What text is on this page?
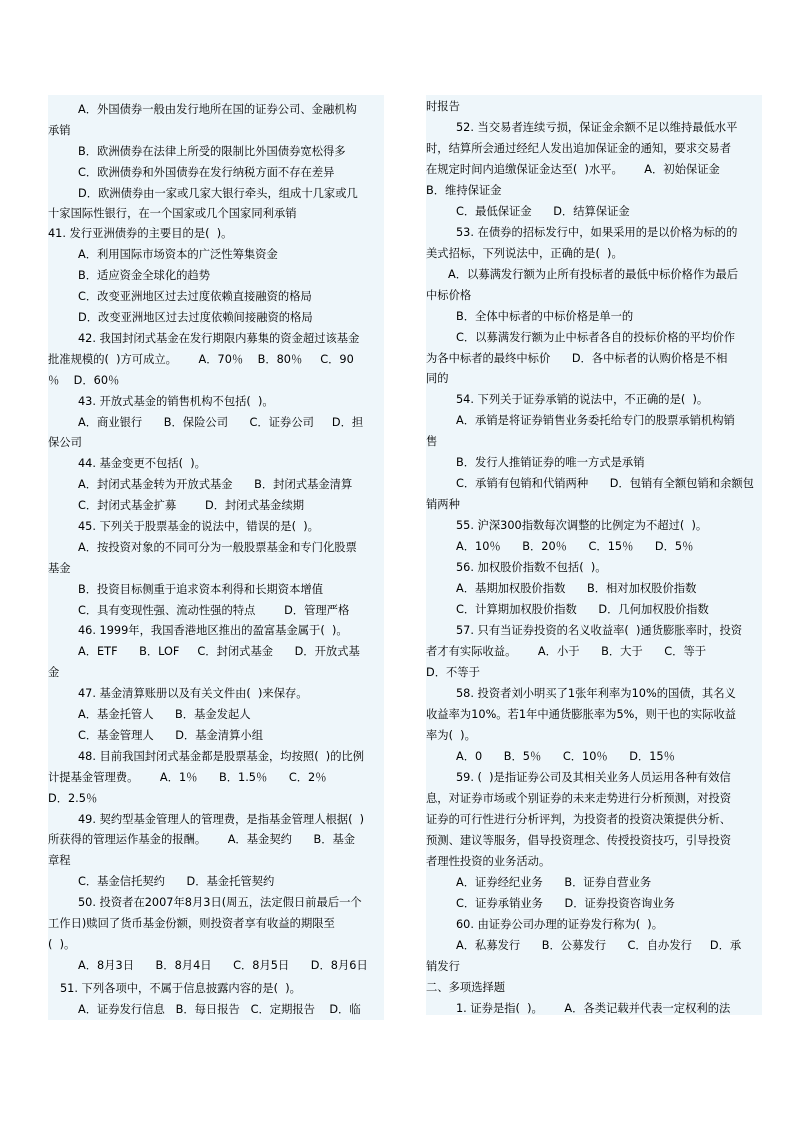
A．外国债券一般由发行地所在国的证券公司、金融机构
承销
B．欧洲债券在法律上所受的限制比外国债券宽松得多
C．欧洲债券和外国债券在发行纳税方面不存在差异
D．欧洲债券由一家或几家大银行牵头，组成十几家或几
十家国际性银行，在一个国家或几个国家同利承销
41. 发行亚洲债券的主要目的是(  )。
A．利用国际市场资本的广泛性筹集资金
B．适应资金全球化的趋势
C．改变亚洲地区过去过度依赖直接融资的格局
D．改变亚洲地区过去过度依赖间接融资的格局
42. 我国封闭式基金在发行期限内募集的资金超过该基金
批准规模的(  )方可成立。      A．70％    B．80％     C．90
％    D．60％
43. 开放式基金的销售机构不包括(  )。
A．商业银行      B．保险公司      C．证券公司     D．担
保公司
44. 基金变更不包括(  )。
A．封闭式基金转为开放式基金      B．封闭式基金清算
C．封闭式基金扩募        D．封闭式基金续期
45. 下列关于股票基金的说法中，错误的是(  )。
A．按投资对象的不同可分为一般股票基金和专门化股票
基金
B．投资目标侧重于追求资本利得和长期资本增值
C．具有变现性强、流动性强的特点        D．管理严格
46. 1999年，我国香港地区推出的盈富基金属于(  )。
A．ETF      B．LOF     C．封闭式基金      D．开放式基
金
47. 基金清算账册以及有关文件由(  )来保存。
A．基金托管人      B．基金发起人
C．基金管理人      D．基金清算小组
48. 目前我国封闭式基金都是股票基金，均按照(  )的比例
计提基金管理费。      A．1％      B．1.5％      C．2％
D．2.5％
49. 契约型基金管理人的管理费，是指基金管理人根据(  )
所获得的管理运作基金的报酬。      A．基金契约      B．基金
章程
C．基金信托契约      D．基金托管契约
50. 投资者在2007年8月3日(周五，法定假日前最后一个
工作日)赎回了货币基金份额，则投资者享有收益的期限至
(  )。
A．8月3日      B．8月4日      C．8月5日      D．8月6日
51. 下列各项中，不属于信息披露内容的是(  )。
A．证券发行信息   B．每日报告   C．定期报告    D．临
时报告
52. 当交易者连续亏损，保证金余额不足以维持最低水平
时，结算所会通过经纪人发出追加保证金的通知，要求交易者
在规定时间内追缴保证金达至(  )水平。      A．初始保证金
B．维持保证金
C．最低保证金      D．结算保证金
53. 在债券的招标发行中，如果采用的是以价格为标的的
美式招标，下列说法中，正确的是(  )。
A．以募满发行额为止所有投标者的最低中标价格作为最后
中标价格
B．全体中标者的中标价格是单一的
C．以募满发行额为止中标者各自的投标价格的平均价作
为各中标者的最终中标价      D．各中标者的认购价格是不相
同的
54. 下列关于证券承销的说法中，不正确的是(  )。
A．承销是将证券销售业务委托给专门的股票承销机构销
售
B．发行人推销证券的唯一方式是承销
C．承销有包销和代销两种      D．包销有全额包销和余额包
销两种
55. 沪深300指数每次调整的比例定为不超过(  )。
A．10％      B．20％      C．15％      D．5％
56. 加权股价指数不包括(  )。
A．基期加权股价指数      B．相对加权股价指数
C．计算期加权股价指数      D．几何加权股价指数
57. 只有当证券投资的名义收益率(  )通货膨胀率时，投资
者才有实际收益。      A．小于      B．大于      C．等于
D．不等于
58. 投资者刘小明买了1张年利率为10%的国债，其名义
收益率为10%。若1年中通货膨胀率为5%，则干也的实际收益
率为(  )。
A．0      B．5％      C．10％      D．15％
59. (  )是指证券公司及其相关业务人员运用各种有效信
息，对证券市场或个别证券的未来走势进行分析预测，对投资
证券的可行性进行分析评判，为投资者的投资决策提供分析、
预测、建议等服务，倡导投资理念、传授投资技巧，引导投资
者理性投资的业务活动。
A．证券经纪业务      B．证券自营业务
C．证券承销业务      D．证券投资咨询业务
60. 由证券公司办理的证券发行称为(  )。
A．私募发行      B．公募发行      C．自办发行     D．承
销发行
二、多项选择题
1. 证券是指(  )。      A．各类记载并代表一定权利的法
